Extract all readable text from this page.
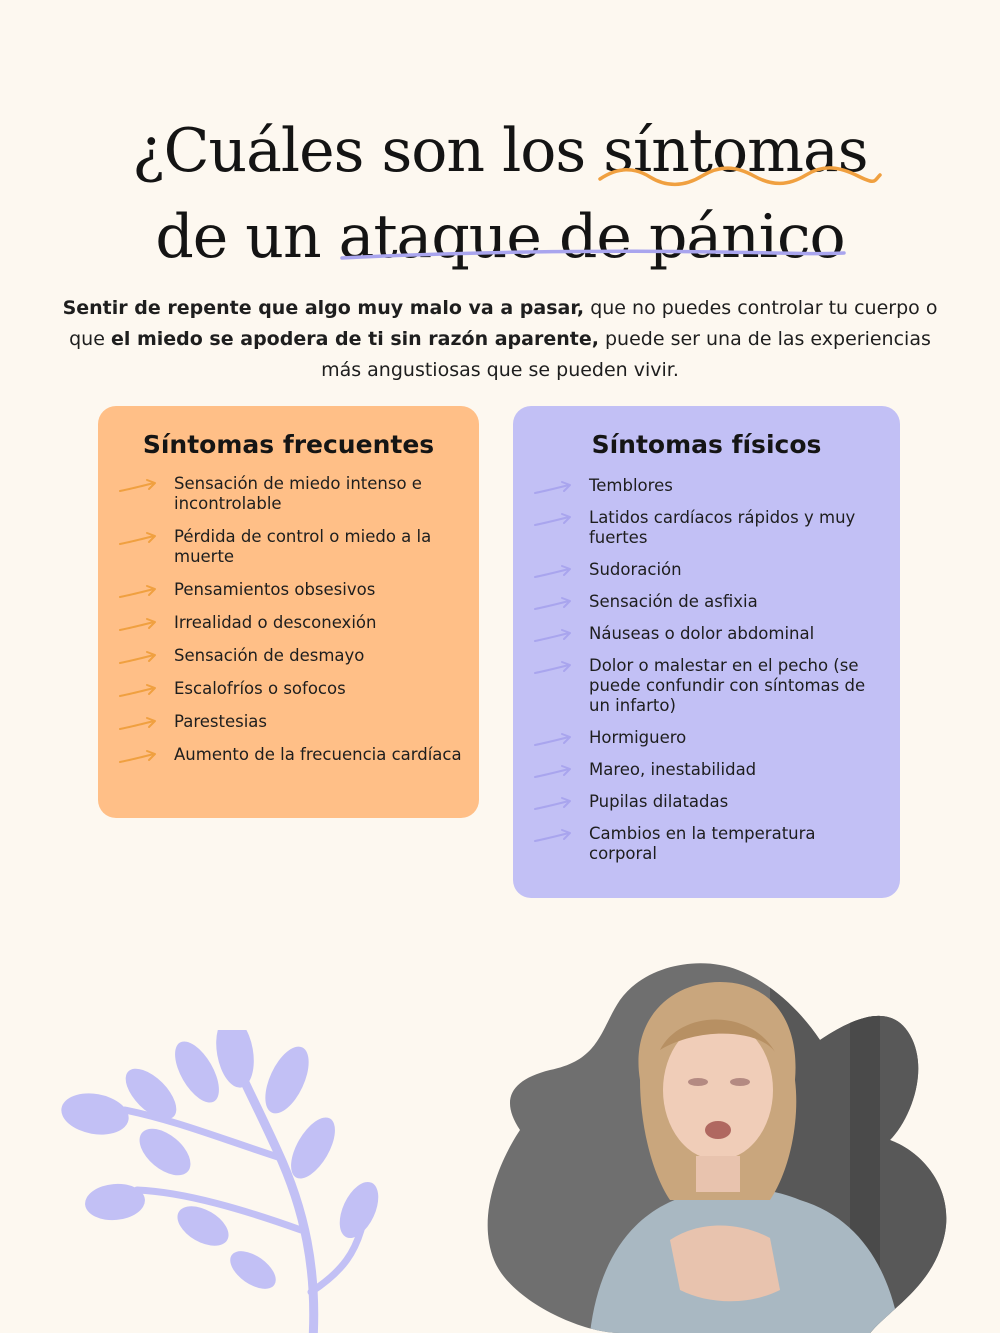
¿Cuáles son los síntomas
de un ataque de pánico

Sentir de repente que algo muy malo va a pasar, que no puedes controlar tu cuerpo o que el miedo se apodera de ti sin razón aparente, puede ser una de las experiencias más angustiosas que se pueden vivir.

Síntomas frecuentes
Sensación de miedo intenso e incontrolable
Pérdida de control o miedo a la muerte
Pensamientos obsesivos
Irrealidad o desconexión
Sensación de desmayo
Escalofríos o sofocos
Parestesias
Aumento de la frecuencia cardíaca
Síntomas físicos
Temblores
Latidos cardíacos rápidos y muy fuertes
Sudoración
Sensación de asfixia
Náuseas o dolor abdominal
Dolor o malestar en el pecho (se puede confundir con síntomas de un infarto)
Hormiguero
Mareo, inestabilidad
Pupilas dilatadas
Cambios en la temperatura corporal
